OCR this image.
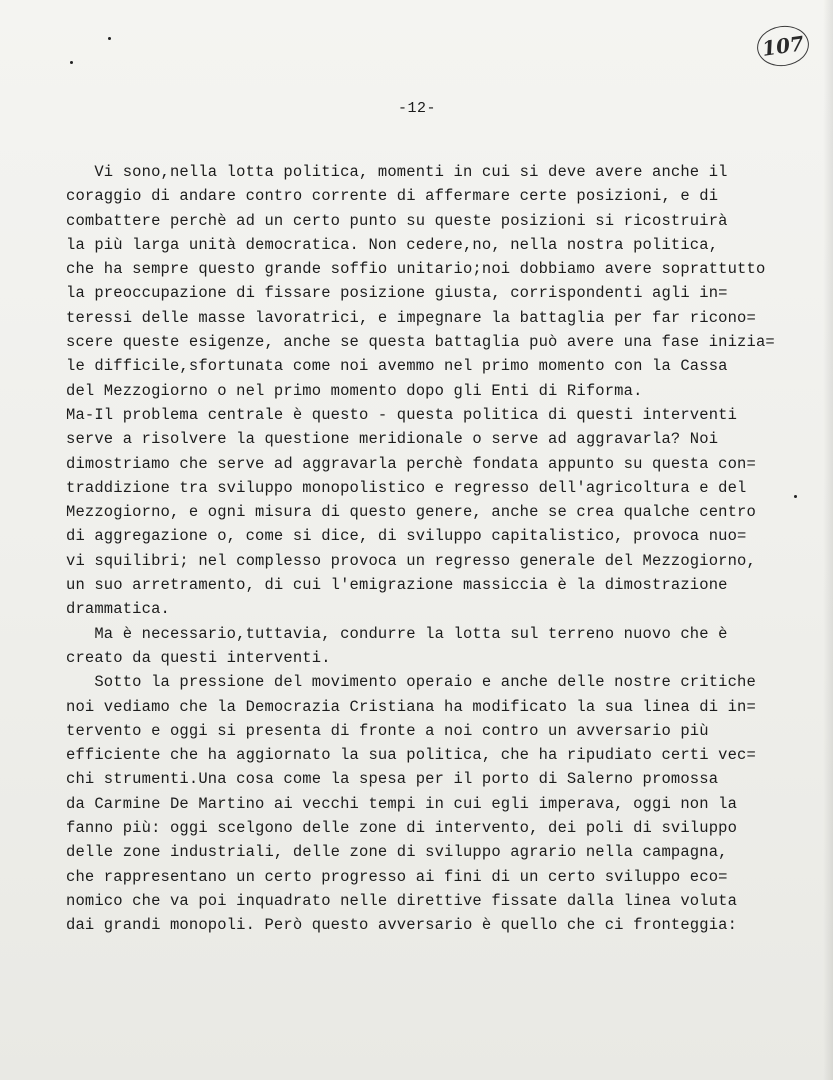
107
-12-
Vi sono,nella lotta politica, momenti in cui si deve avere anche il
coraggio di andare contro corrente di affermare certe posizioni, e di
combattere perchè ad un certo punto su queste posizioni si ricostruirà
la più larga unità democratica. Non cedere,no, nella nostra politica,
che ha sempre questo grande soffio unitario;noi dobbiamo avere soprattutto
la preoccupazione di fissare posizione giusta, corrispondenti agli in=
teressi delle masse lavoratrici, e impegnare la battaglia per far ricono=
scere queste esigenze, anche se questa battaglia può avere una fase inizia=
le difficile,sfortunata come noi avemmo nel primo momento con la Cassa
del Mezzogiorno o nel primo momento dopo gli Enti di Riforma.
Ma-Il problema centrale è questo - questa politica di questi interventi
serve a risolvere la questione meridionale o serve ad aggravarla? Noi
dimostriamo che serve ad aggravarla perchè fondata appunto su questa con=
traddizione tra sviluppo monopolistico e regresso dell'agricoltura e del
Mezzogiorno, e ogni misura di questo genere, anche se crea qualche centro
di aggregazione o, come si dice, di sviluppo capitalistico, provoca nuo=
vi squilibri; nel complesso provoca un regresso generale del Mezzogiorno,
un suo arretramento, di cui l'emigrazione massiccia è la dimostrazione
drammatica.
Ma è necessario,tuttavia, condurre la lotta sul terreno nuovo che è
creato da questi interventi.
Sotto la pressione del movimento operaio e anche delle nostre critiche
noi vediamo che la Democrazia Cristiana ha modificato la sua linea di in=
tervento e oggi si presenta di fronte a noi contro un avversario più
efficiente che ha aggiornato la sua politica, che ha ripudiato certi vec=
chi strumenti.Una cosa come la spesa per il porto di Salerno promossa
da Carmine De Martino ai vecchi tempi in cui egli imperava, oggi non la
fanno più: oggi scelgono delle zone di intervento, dei poli di sviluppo
delle zone industriali, delle zone di sviluppo agrario nella campagna,
che rappresentano un certo progresso ai fini di un certo sviluppo eco=
nomico che va poi inquadrato nelle direttive fissate dalla linea voluta
dai grandi monopoli. Però questo avversario è quello che ci fronteggia:
